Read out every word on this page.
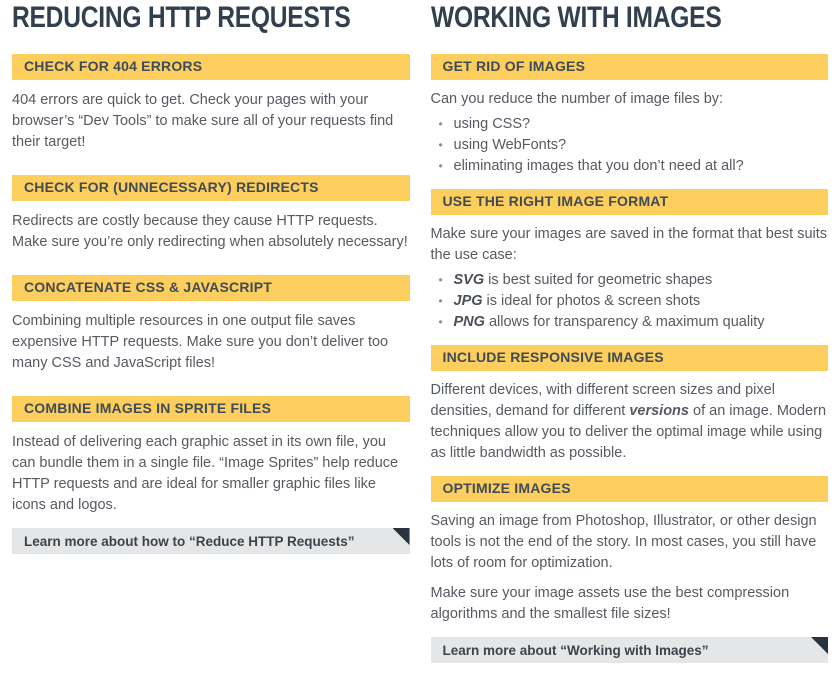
REDUCING HTTP REQUESTS
CHECK FOR 404 ERRORS

404 errors are quick to get. Check your pages with your browser’s “Dev Tools” to make sure all of your requests find their target!

CHECK FOR (UNNECESSARY) REDIRECTS

Redirects are costly because they cause HTTP requests. Make sure you’re only redirecting when absolutely necessary!

CONCATENATE CSS & JAVASCRIPT

Combining multiple resources in one output file saves expensive HTTP requests. Make sure you don’t deliver too many CSS and JavaScript files!

COMBINE IMAGES IN SPRITE FILES

Instead of delivering each graphic asset in its own file, you can bundle them in a single file. “Image Sprites” help reduce HTTP requests and are ideal for smaller graphic files like icons and logos.

Learn more about how to “Reduce HTTP Requests”
WORKING WITH IMAGES
GET RID OF IMAGES

Can you reduce the number of image files by:

• using CSS?
• using WebFonts?
• eliminating images that you don’t need at all?
USE THE RIGHT IMAGE FORMAT

Make sure your images are saved in the format that best suits the use case:

• SVG is best suited for geometric shapes
• JPG is ideal for photos & screen shots
• PNG allows for transparency & maximum quality
INCLUDE RESPONSIVE IMAGES

Different devices, with different screen sizes and pixel densities, demand for different versions of an image. Modern techniques allow you to deliver the optimal image while using as little bandwidth as possible.

OPTIMIZE IMAGES

Saving an image from Photoshop, Illustrator, or other design tools is not the end of the story. In most cases, you still have lots of room for optimization.

Make sure your image assets use the best compression algorithms and the smallest file sizes!

Learn more about “Working with Images”
